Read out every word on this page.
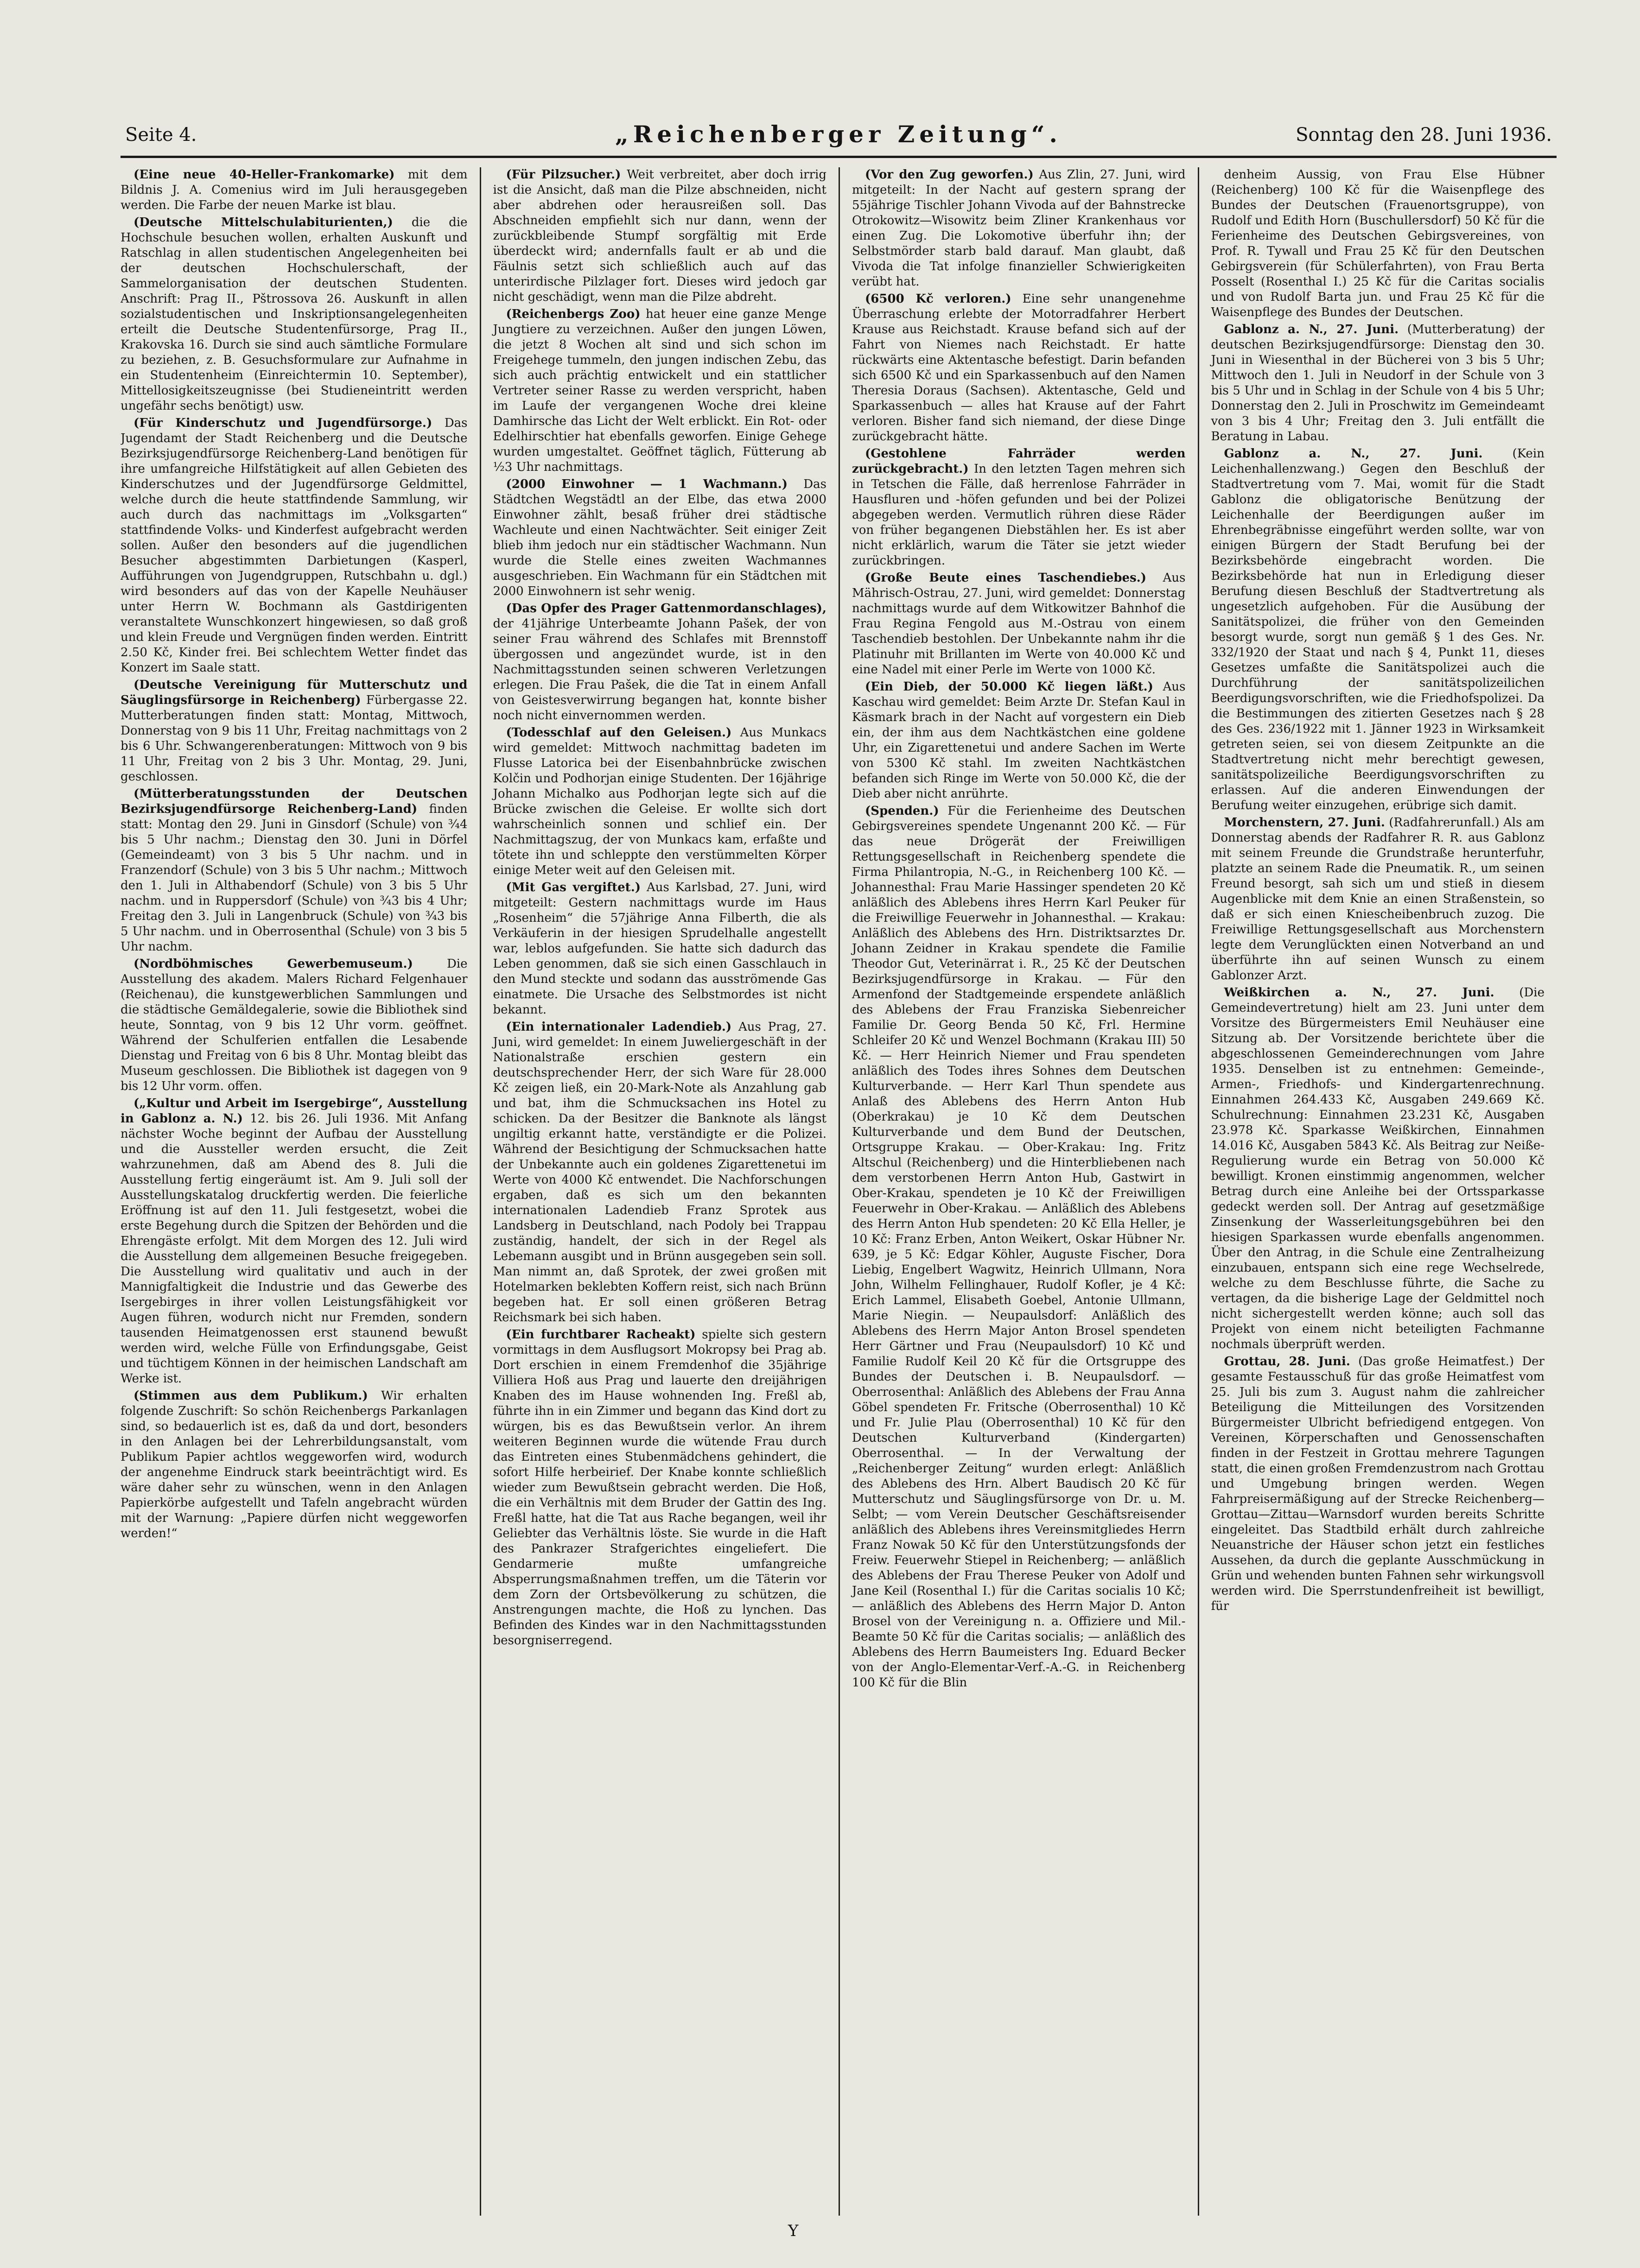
Seite 4.	„Reichenberger Zeitung“.	Sonntag den 28. Juni 1936.

(Eine neue 40-Heller-Frankomarke) mit dem Bildnis J. A. Comenius wird im Juli herausgegeben werden. Die Farbe der neuen Marke ist blau.

(Deutsche Mittelschulabiturienten,) die die Hochschule besuchen wollen, erhalten Auskunft und Ratschlag in allen studentischen Angelegenheiten bei der deutschen Hochschulerschaft, der Sammelorganisation der deutschen Studenten. Anschrift: Prag II., Pštrossova 26. Auskunft in allen sozialstudentischen und Inskriptionsangelegenheiten erteilt die Deutsche Studentenfürsorge, Prag II., Krakovska 16. Durch sie sind auch sämtliche Formulare zu beziehen, z. B. Gesuchsformulare zur Aufnahme in ein Studentenheim (Einreichtermin 10. September), Mittellosigkeitszeugnisse (bei Studieneintritt werden ungefähr sechs benötigt) usw.

(Für Kinderschutz und Jugendfürsorge.) Das Jugendamt der Stadt Reichenberg und die Deutsche Bezirksjugendfürsorge Reichenberg-Land benötigen für ihre umfangreiche Hilfstätigkeit auf allen Gebieten des Kinderschutzes und der Jugendfürsorge Geldmittel, welche durch die heute stattfindende Sammlung, wir auch durch das nachmittags im „Volksgarten“ stattfindende Volks- und Kinderfest aufgebracht werden sollen. Außer den besonders auf die jugendlichen Besucher abgestimmten Darbietungen (Kasperl, Aufführungen von Jugendgruppen, Rutschbahn u. dgl.) wird besonders auf das von der Kapelle Neuhäuser unter Herrn W. Bochmann als Gastdirigenten veranstaltete Wunschkonzert hingewiesen, so daß groß und klein Freude und Vergnügen finden werden. Eintritt 2.50 Kč, Kinder frei. Bei schlechtem Wetter findet das Konzert im Saale statt.

(Deutsche Vereinigung für Mutterschutz und Säuglingsfürsorge in Reichenberg) Fürbergasse 22. Mutterberatungen finden statt: Montag, Mittwoch, Donnerstag von 9 bis 11 Uhr, Freitag nachmittags von 2 bis 6 Uhr. Schwangerenberatungen: Mittwoch von 9 bis 11 Uhr, Freitag von 2 bis 3 Uhr. Montag, 29. Juni, geschlossen.

(Mütterberatungsstunden der Deutschen Bezirksjugendfürsorge Reichenberg-Land) finden statt: Montag den 29. Juni in Ginsdorf (Schule) von ¾4 bis 5 Uhr nachm.; Dienstag den 30. Juni in Dörfel (Gemeindeamt) von 3 bis 5 Uhr nachm. und in Franzendorf (Schule) von 3 bis 5 Uhr nachm.; Mittwoch den 1. Juli in Althabendorf (Schule) von 3 bis 5 Uhr nachm. und in Ruppersdorf (Schule) von ¾3 bis 4 Uhr; Freitag den 3. Juli in Langenbruck (Schule) von ¾3 bis 5 Uhr nachm. und in Oberrosenthal (Schule) von 3 bis 5 Uhr nachm.

(Nordböhmisches Gewerbemuseum.)	Die Ausstellung des akadem. Malers Richard Felgenhauer (Reichenau), die kunstgewerblichen Sammlungen und die städtische Gemäldegalerie, sowie die Bibliothek sind heute, Sonntag, von 9 bis 12 Uhr vorm. geöffnet. Während der Schulferien entfallen die Lesabende Dienstag und Freitag von 6 bis 8 Uhr. Montag bleibt das Museum geschlossen. Die Bibliothek ist dagegen von 9 bis 12 Uhr vorm. offen.

(„Kultur und Arbeit im Isergebirge“, Ausstellung in Gablonz a. N.) 12. bis 26. Juli 1936. Mit Anfang nächster Woche beginnt der Aufbau der Ausstellung und die Aussteller werden ersucht, die Zeit wahrzunehmen, daß am Abend des 8. Juli die Ausstellung fertig eingeräumt ist. Am 9. Juli soll der Ausstellungskatalog druckfertig werden. Die feierliche Eröffnung ist auf den 11. Juli festgesetzt, wobei die erste Begehung durch die Spitzen der Behörden und die Ehrengäste erfolgt. Mit dem Morgen des 12. Juli wird die Ausstellung dem allgemeinen Besuche freigegeben. Die Ausstellung wird qualitativ und auch in der Mannigfaltigkeit die Industrie und das Gewerbe des Isergebirges in ihrer vollen Leistungsfähigkeit vor Augen führen, wodurch nicht nur Fremden, sondern tausenden Heimatgenossen erst staunend bewußt werden wird, welche Fülle von Erfindungsgabe, Geist und tüchtigem Können in der heimischen Landschaft am Werke ist.

(Stimmen aus dem Publikum.) Wir erhalten folgende Zuschrift: So schön Reichenbergs Parkanlagen sind, so bedauerlich ist es, daß da und dort, besonders in den Anlagen bei der Lehrerbildungsanstalt, vom Publikum Papier achtlos weggeworfen wird, wodurch der angenehme Eindruck stark beeinträchtigt wird. Es wäre daher sehr zu wünschen, wenn in den Anlagen Papierkörbe aufgestellt und Tafeln angebracht würden mit der Warnung: „Papiere dürfen nicht weggeworfen werden!“

(Für Pilzsucher.) Weit verbreitet, aber doch irrig ist die Ansicht, daß man die Pilze abschneiden, nicht aber abdrehen oder herausreißen soll. Das Abschneiden empfiehlt sich nur dann, wenn der zurückbleibende Stumpf sorgfältig mit Erde überdeckt wird; andernfalls fault er ab und die Fäulnis setzt sich schließlich auch auf das unterirdische Pilzlager fort. Dieses wird jedoch gar nicht geschädigt, wenn man die Pilze abdreht.

(Reichenbergs Zoo) hat heuer eine ganze Menge Jungtiere zu verzeichnen. Außer den jungen Löwen, die jetzt 8 Wochen alt sind und sich schon im Freigehege tummeln, den jungen indischen Zebu, das sich auch prächtig entwickelt und ein stattlicher Vertreter seiner Rasse zu werden verspricht, haben im Laufe der vergangenen Woche drei kleine Damhirsche das Licht der Welt erblickt. Ein Rot- oder Edelhirschtier hat ebenfalls geworfen. Einige Gehege wurden umgestaltet. Geöffnet täglich, Fütterung ab ½3 Uhr nachmittags.

(2000 Einwohner — 1 Wachmann.) Das Städtchen Wegstädtl an der Elbe, das etwa 2000 Einwohner zählt, besaß früher drei städtische Wachleute und einen Nachtwächter. Seit einiger Zeit blieb ihm jedoch nur ein städtischer Wachmann. Nun wurde die Stelle eines zweiten Wachmannes ausgeschrieben. Ein Wachmann für ein Städtchen mit 2000 Einwohnern ist sehr wenig.

(Das Opfer des Prager Gattenmordanschlages), der 41jährige Unterbeamte Johann Pašek, der von seiner Frau während des Schlafes mit Brennstoff übergossen und angezündet wurde, ist in den Nachmittagsstunden seinen schweren Verletzungen erlegen. Die Frau Pašek, die die Tat in einem Anfall von Geistesverwirrung begangen hat, konnte bisher noch nicht einvernommen werden.

(Todesschlaf auf den Geleisen.) Aus Munkacs wird gemeldet: Mittwoch nachmittag badeten im Flusse Latorica bei der Eisenbahnbrücke zwischen Kolčin und Podhorjan einige Studenten. Der 16jährige Johann Michalko aus Podhorjan legte sich auf die Brücke zwischen die Geleise. Er wollte sich dort wahrscheinlich sonnen und schlief ein. Der Nachmittagszug, der von Munkacs kam, erfaßte und tötete ihn und schleppte den verstümmelten Körper einige Meter weit auf den Geleisen mit.

(Mit Gas vergiftet.) Aus Karlsbad, 27. Juni, wird mitgeteilt: Gestern nachmittags wurde im Haus „Rosenheim“ die 57jährige Anna Filberth, die als Verkäuferin in der hiesigen Sprudelhalle angestellt war, leblos aufgefunden. Sie hatte sich dadurch das Leben genommen, daß sie sich einen Gasschlauch in den Mund steckte und sodann das ausströmende Gas einatmete. Die Ursache des Selbstmordes ist nicht bekannt.

(Ein internationaler Ladendieb.) Aus Prag, 27. Juni, wird gemeldet: In einem Juweliergeschäft in der Nationalstraße erschien gestern ein deutschsprechender Herr, der sich Ware für 28.000 Kč zeigen ließ, ein 20-Mark-Note als Anzahlung gab und bat, ihm die Schmucksachen ins Hotel zu schicken. Da der Besitzer die Banknote als längst ungiltig erkannt hatte, verständigte er die Polizei. Während der Besichtigung der Schmucksachen hatte der Unbekannte auch ein goldenes Zigarettenetui im Werte von 4000 Kč entwendet. Die Nachforschungen ergaben, daß es sich um den bekannten internationalen Ladendieb Franz Sprotek aus Landsberg in Deutschland, nach Podoly bei Trappau zuständig, handelt, der sich in der Regel als Lebemann ausgibt und in Brünn ausgegeben sein soll. Man nimmt an, daß Sprotek, der zwei großen mit Hotelmarken beklebten Koffern reist, sich nach Brünn begeben hat. Er soll einen größeren Betrag Reichsmark bei sich haben.

(Ein furchtbarer Racheakt) spielte sich gestern vormittags in dem Ausflugsort Mokropsy bei Prag ab. Dort erschien in einem Fremdenhof die 35jährige Villiera Hoß aus Prag und lauerte den dreijährigen Knaben des im Hause wohnenden Ing. Freßl ab, führte ihn in ein Zimmer und begann das Kind dort zu würgen, bis es das Bewußtsein verlor. An ihrem weiteren Beginnen wurde die wütende Frau durch das Eintreten eines Stubenmädchens gehindert, die sofort Hilfe herbeirief. Der Knabe konnte schließlich wieder zum Bewußtsein gebracht werden. Die Hoß, die ein Verhältnis mit dem Bruder der Gattin des Ing. Freßl hatte, hat die Tat aus Rache begangen, weil ihr Geliebter das Verhältnis löste. Sie wurde in die Haft des Pankrazer Strafgerichtes eingeliefert. Die Gendarmerie mußte umfangreiche Absperrungsmaßnahmen treffen, um die Täterin vor dem Zorn der Ortsbevölkerung zu schützen, die Anstrengungen machte, die Hoß zu lynchen. Das Befinden des Kindes war in den Nachmittagsstunden besorgniserregend.

(Vor den Zug geworfen.) Aus Zlin, 27. Juni, wird mitgeteilt: In der Nacht auf gestern sprang der 55jährige Tischler Johann Vivoda auf der Bahnstrecke Otrokowitz—Wisowitz beim Zliner Krankenhaus vor einen Zug. Die Lokomotive überfuhr ihn; der Selbstmörder starb bald darauf. Man glaubt, daß Vivoda die Tat infolge finanzieller Schwierigkeiten verübt hat.

(6500 Kč verloren.) Eine sehr unangenehme Überraschung erlebte der Motorradfahrer Herbert Krause aus Reichstadt. Krause befand sich auf der Fahrt von Niemes nach Reichstadt. Er hatte rückwärts eine Aktentasche befestigt. Darin befanden sich 6500 Kč und ein Sparkassenbuch auf den Namen Theresia Doraus (Sachsen). Aktentasche, Geld und Sparkassenbuch — alles hat Krause auf der Fahrt verloren. Bisher fand sich niemand, der diese Dinge zurückgebracht hätte.

(Gestohlene Fahrräder werden zurückgebracht.) In den letzten Tagen mehren sich in Tetschen die Fälle, daß herrenlose Fahrräder in Hausfluren und -höfen gefunden und bei der Polizei abgegeben werden. Vermutlich rühren diese Räder von früher begangenen Diebstählen her. Es ist aber nicht erklärlich, warum die Täter sie jetzt wieder zurückbringen.

(Große Beute eines Taschendiebes.) Aus Mährisch-Ostrau, 27. Juni, wird gemeldet: Donnerstag nachmittags wurde auf dem Witkowitzer Bahnhof die Frau Regina Fengold aus M.-Ostrau von einem Taschendieb bestohlen. Der Unbekannte nahm ihr die Platinuhr mit Brillanten im Werte von 40.000 Kč und eine Nadel mit einer Perle im Werte von 1000 Kč.

(Ein Dieb, der 50.000 Kč liegen läßt.) Aus Kaschau wird gemeldet: Beim Arzte Dr. Stefan Kaul in Käsmark brach in der Nacht auf vorgestern ein Dieb ein, der ihm aus dem Nachtkästchen eine goldene Uhr, ein Zigarettenetui und andere Sachen im Werte von 5300 Kč stahl. Im zweiten Nachtkästchen befanden sich Ringe im Werte von 50.000 Kč, die der Dieb aber nicht anrührte.

(Spenden.) Für die Ferienheime des Deutschen Gebirgsvereines spendete Ungenannt 200 Kč. — Für das neue Drögerät der Freiwilligen Rettungsgesellschaft in Reichenberg spendete die Firma Philantropia, N.-G., in Reichenberg 100 Kč. — Johannesthal: Frau Marie Hassinger spendeten 20 Kč anläßlich des Ablebens ihres Herrn Karl Peuker für die Freiwillige Feuerwehr in Johannesthal. — Krakau: Anläßlich des Ablebens des Hrn. Distriktsarztes Dr. Johann Zeidner in Krakau spendete die Familie Theodor Gut, Veterinärrat i. R., 25 Kč der Deutschen Bezirksjugendfürsorge in Krakau. — Für den Armenfond der Stadtgemeinde erspendete anläßlich des Ablebens der Frau Franziska Siebenreicher Familie Dr. Georg Benda 50 Kč, Frl. Hermine Schleifer 20 Kč und Wenzel Bochmann (Krakau III) 50 Kč. — Herr Heinrich Niemer und Frau spendeten anläßlich des Todes ihres Sohnes dem Deutschen Kulturverbande. — Herr Karl Thun spendete aus Anlaß des Ablebens des Herrn Anton Hub (Oberkrakau) je 10 Kč dem Deutschen Kulturverbande und dem Bund der Deutschen, Ortsgruppe Krakau. — Ober-Krakau: Ing. Fritz Altschul (Reichenberg) und die Hinterbliebenen nach dem verstorbenen Herrn Anton Hub, Gastwirt in Ober-Krakau, spendeten je 10 Kč der Freiwilligen Feuerwehr in Ober-Krakau. — Anläßlich des Ablebens des Herrn Anton Hub spendeten: 20 Kč Ella Heller, je 10 Kč: Franz Erben, Anton Weikert, Oskar Hübner Nr. 639, je 5 Kč: Edgar Köhler, Auguste Fischer, Dora Liebig, Engelbert Wagwitz, Heinrich Ullmann, Nora John, Wilhelm Fellinghauer, Rudolf Kofler, je 4 Kč: Erich Lammel, Elisabeth Goebel, Antonie Ullmann, Marie Niegin. — Neupaulsdorf: Anläßlich des Ablebens des Herrn Major Anton Brosel spendeten Herr Gärtner und Frau (Neupaulsdorf) 10 Kč und Familie Rudolf Keil 20 Kč für die Ortsgruppe des Bundes der Deutschen i. B. Neupaulsdorf. — Oberrosenthal: Anläßlich des Ablebens der Frau Anna Göbel spendeten Fr. Fritsche (Oberrosenthal) 10 Kč und Fr. Julie Plau (Oberrosenthal) 10 Kč für den Deutschen Kulturverband (Kindergarten) Oberrosenthal. — In der Verwaltung der „Reichenberger Zeitung“ wurden erlegt: Anläßlich des Ablebens des Hrn. Albert Baudisch 20 Kč für Mutterschutz und Säuglingsfürsorge von Dr. u. M. Selbt; — vom Verein Deutscher Geschäftsreisender anläßlich des Ablebens ihres Vereinsmitgliedes Herrn Franz Nowak 50 Kč für den Unterstützungsfonds der Freiw. Feuerwehr Stiepel in Reichenberg; — anläßlich des Ablebens der Frau Therese Peuker von Adolf und Jane Keil (Rosenthal I.) für die Caritas socialis 10 Kč; — anläßlich des Ablebens des Herrn Major D. Anton Brosel von der Vereinigung n. a. Offiziere und Mil.-Beamte 50 Kč für die Caritas socialis; — anläßlich des Ablebens des Herrn Baumeisters Ing. Eduard Becker von der Anglo-Elementar-Verf.-A.-G. in Reichenberg 100 Kč für die Blin

denheim Aussig, von Frau Else Hübner (Reichenberg) 100 Kč für die Waisenpflege des Bundes der Deutschen (Frauenortsgruppe), von Rudolf und Edith Horn (Buschullersdorf) 50 Kč für die Ferienheime des Deutschen Gebirgsvereines, von Prof. R. Tywall und Frau 25 Kč für den Deutschen Gebirgsverein (für Schülerfahrten), von Frau Berta Posselt (Rosenthal I.) 25 Kč für die Caritas socialis und von Rudolf Barta jun. und Frau 25 Kč für die Waisenpflege des Bundes der Deutschen.

Gablonz a. N., 27. Juni. (Mutterberatung) der deutschen Bezirksjugendfürsorge: Dienstag den 30. Juni in Wiesenthal in der Bücherei von 3 bis 5 Uhr; Mittwoch den 1. Juli in Neudorf in der Schule von 3 bis 5 Uhr und in Schlag in der Schule von 4 bis 5 Uhr; Donnerstag den 2. Juli in Proschwitz im Gemeindeamt von 3 bis 4 Uhr; Freitag den 3. Juli entfällt die Beratung in Labau.

Gablonz a. N., 27. Juni. (Kein Leichenhallenzwang.) Gegen den Beschluß der Stadtvertretung vom 7. Mai, womit für die Stadt Gablonz die obligatorische Benützung der Leichenhalle der Beerdigungen außer im Ehrenbegräbnisse eingeführt werden sollte, war von einigen Bürgern der Stadt Berufung bei der Bezirksbehörde eingebracht worden. Die Bezirksbehörde hat nun in Erledigung dieser Berufung diesen Beschluß der Stadtvertretung als ungesetzlich aufgehoben. Für die Ausübung der Sanitätspolizei, die früher von den Gemeinden besorgt wurde, sorgt nun gemäß § 1 des Ges. Nr. 332/1920 der Staat und nach § 4, Punkt 11, dieses Gesetzes umfaßte die Sanitätspolizei auch die Durchführung der sanitätspolizeilichen Beerdigungsvorschriften, wie die Friedhofspolizei. Da die Bestimmungen des zitierten Gesetzes nach § 28 des Ges. 236/1922 mit 1. Jänner 1923 in Wirksamkeit getreten seien, sei von diesem Zeitpunkte an die Stadtvertretung nicht mehr berechtigt gewesen, sanitätspolizeiliche Beerdigungsvorschriften zu erlassen. Auf die anderen Einwendungen der Berufung weiter einzugehen, erübrige sich damit.

Morchenstern, 27. Juni. (Radfahrerunfall.) Als am Donnerstag abends der Radfahrer R. R. aus Gablonz mit seinem Freunde die Grundstraße herunterfuhr, platzte an seinem Rade die Pneumatik. R., um seinen Freund besorgt, sah sich um und stieß in diesem Augenblicke mit dem Knie an einen Straßenstein, so daß er sich einen Kniescheibenbruch zuzog. Die Freiwillige Rettungsgesellschaft aus Morchenstern legte dem Verunglückten einen Notverband an und überführte ihn auf seinen Wunsch zu einem Gablonzer Arzt.

Weißkirchen a. N., 27. Juni. (Die Gemeindevertretung) hielt am 23. Juni unter dem Vorsitze des Bürgermeisters Emil Neuhäuser eine Sitzung ab. Der Vorsitzende berichtete über die abgeschlossenen Gemeinderechnungen vom Jahre 1935. Denselben ist zu entnehmen: Gemeinde-, Armen-, Friedhofs- und Kindergartenrechnung. Einnahmen 264.433 Kč, Ausgaben 249.669 Kč. Schulrechnung: Einnahmen 23.231 Kč, Ausgaben 23.978 Kč. Sparkasse Weißkirchen, Einnahmen 14.016 Kč, Ausgaben 5843 Kč. Als Beitrag zur Neiße-Regulierung wurde ein Betrag von 50.000 Kč bewilligt. Kronen einstimmig angenommen, welcher Betrag durch eine Anleihe bei der Ortssparkasse gedeckt werden soll. Der Antrag auf gesetzmäßige Zinsenkung der Wasserleitungsgebühren bei den hiesigen Sparkassen wurde ebenfalls angenommen. Über den Antrag, in die Schule eine Zentralheizung einzubauen, entspann sich eine rege Wechselrede, welche zu dem Beschlusse führte, die Sache zu vertagen, da die bisherige Lage der Geldmittel noch nicht sichergestellt werden könne; auch soll das Projekt von einem nicht beteiligten Fachmanne nochmals überprüft werden.

Grottau, 28. Juni. (Das große Heimatfest.) Der gesamte Festausschuß für das große Heimatfest vom 25. Juli bis zum 3. August nahm die zahlreicher Beteiligung die Mitteilungen des Vorsitzenden Bürgermeister Ulbricht befriedigend entgegen. Von Vereinen, Körperschaften und Genossenschaften finden in der Festzeit in Grottau mehrere Tagungen statt, die einen großen Fremdenzustrom nach Grottau und Umgebung bringen werden. Wegen Fahrpreisermäßigung auf der Strecke Reichenberg—Grottau—Zittau—Warnsdorf wurden bereits Schritte eingeleitet. Das Stadtbild erhält durch zahlreiche Neuanstriche der Häuser schon jetzt ein festliches Aussehen, da durch die geplante Ausschmückung in Grün und wehenden bunten Fahnen sehr wirkungsvoll werden wird. Die Sperrstundenfreiheit ist bewilligt, für

Y
